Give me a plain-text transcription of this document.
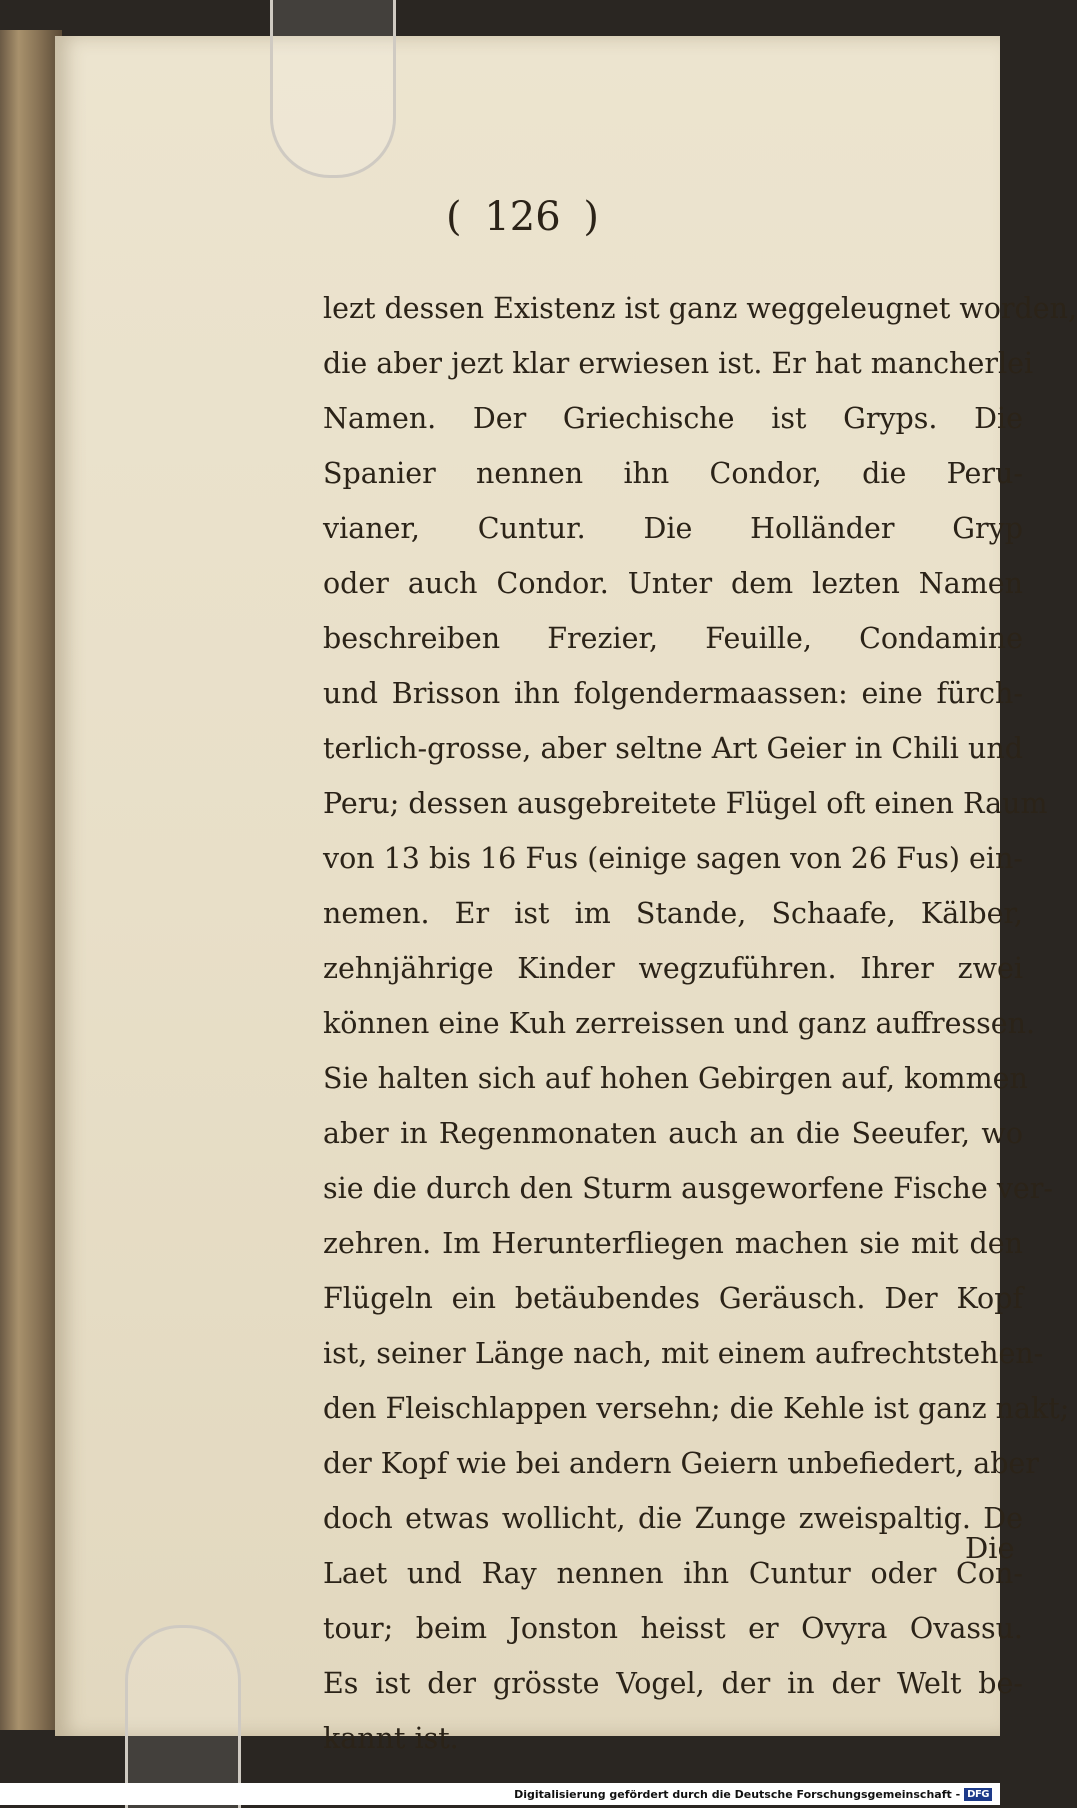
( 126 )
lezt dessen Existenz ist ganz weggeleugnet worden,
die aber jezt klar erwiesen ist. Er hat mancherlei
Namen. Der Griechische ist Gryps. Die
Spanier nennen ihn Condor, die Peru-
vianer, Cuntur. Die Holländer Gryp
oder auch Condor. Unter dem lezten Namen
beschreiben Frezier, Feuille, Condamine
und Brisson ihn folgendermaassen: eine fürch-
terlich-grosse, aber seltne Art Geier in Chili und
Peru; dessen ausgebreitete Flügel oft einen Raum
von 13 bis 16 Fus (einige sagen von 26 Fus) ein-
nemen. Er ist im Stande, Schaafe, Kälber,
zehnjährige Kinder wegzuführen. Ihrer zwei
können eine Kuh zerreissen und ganz auffressen.
Sie halten sich auf hohen Gebirgen auf, kommen
aber in Regenmonaten auch an die Seeufer, wo
sie die durch den Sturm ausgeworfene Fische ver-
zehren. Im Herunterfliegen machen sie mit den
Flügeln ein betäubendes Geräusch. Der Kopf
ist, seiner Länge nach, mit einem aufrechtstehen-
den Fleischlappen versehn; die Kehle ist ganz nakt;
der Kopf wie bei andern Geiern unbefiedert, aber
doch etwas wollicht, die Zunge zweispaltig. De
Laet und Ray nennen ihn Cuntur oder Con-
tour; beim Jonston heisst er Ovyra Ovassu.
Es ist der grösste Vogel, der in der Welt be-
kannt ist.
Die
Digitalisierung gefördert durch die Deutsche Forschungsgemeinschaft - DFG
